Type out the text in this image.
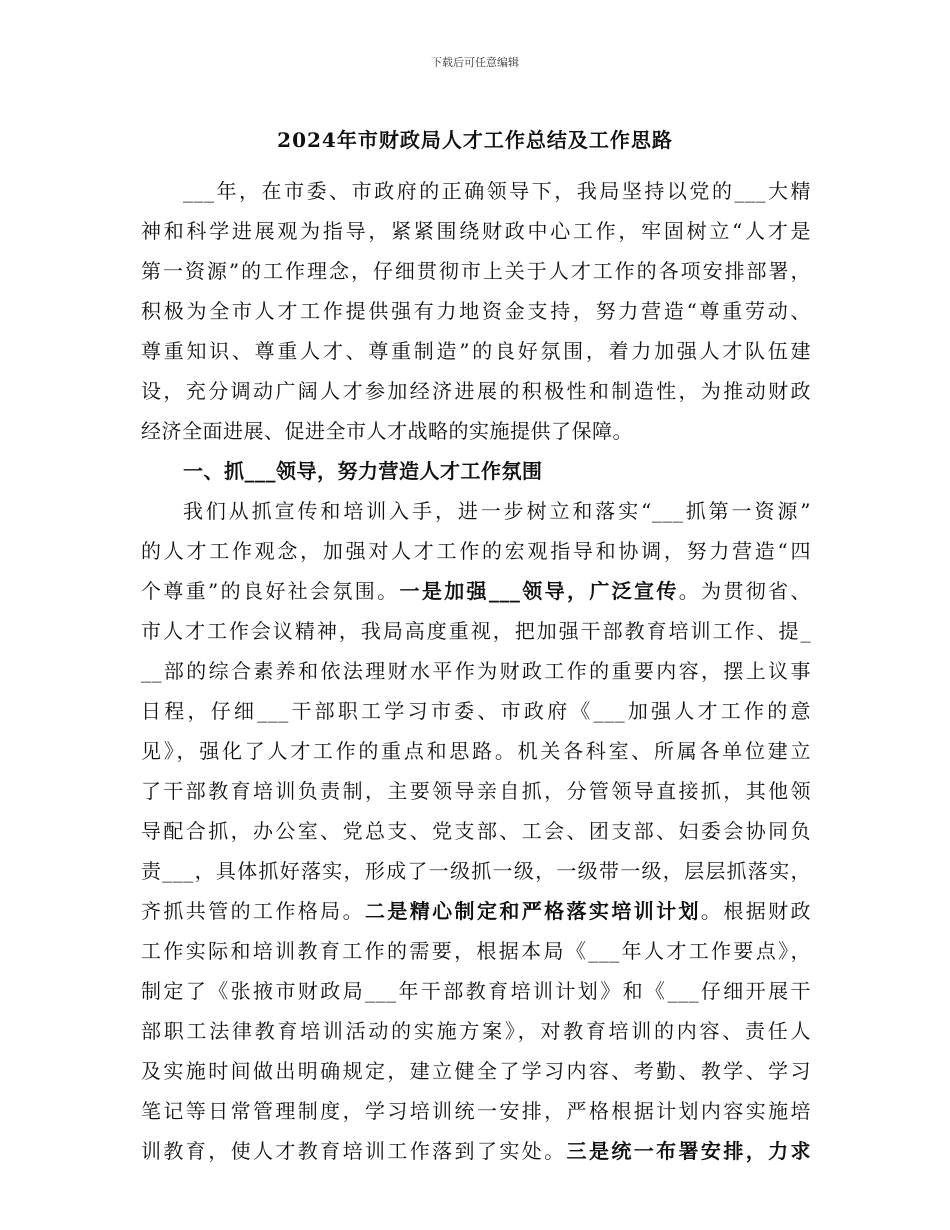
下载后可任意编辑
2024年市财政局人才工作总结及工作思路
___年，在市委、市政府的正确领导下，我局坚持以党的___大精
神和科学进展观为指导，紧紧围绕财政中心工作，牢固树立“人才是
第一资源”的工作理念，仔细贯彻市上关于人才工作的各项安排部署，
积极为全市人才工作提供强有力地资金支持，努力营造“尊重劳动、
尊重知识、尊重人才、尊重制造”的良好氛围，着力加强人才队伍建
设，充分调动广阔人才参加经济进展的积极性和制造性，为推动财政
经济全面进展、促进全市人才战略的实施提供了保障。
一、抓___领导，努力营造人才工作氛围
我们从抓宣传和培训入手，进一步树立和落实“___抓第一资源”
的人才工作观念，加强对人才工作的宏观指导和协调，努力营造“四
个尊重”的良好社会氛围。一是加强___领导，广泛宣传。为贯彻省、
市人才工作会议精神，我局高度重视，把加强干部教育培训工作、提_
__部的综合素养和依法理财水平作为财政工作的重要内容，摆上议事
日程，仔细___干部职工学习市委、市政府《___加强人才工作的意
见》，强化了人才工作的重点和思路。机关各科室、所属各单位建立
了干部教育培训负责制，主要领导亲自抓，分管领导直接抓，其他领
导配合抓，办公室、党总支、党支部、工会、团支部、妇委会协同负
责___，具体抓好落实，形成了一级抓一级，一级带一级，层层抓落实，
齐抓共管的工作格局。二是精心制定和严格落实培训计划。根据财政
工作实际和培训教育工作的需要，根据本局《___年人才工作要点》，
制定了《张掖市财政局___年干部教育培训计划》和《___仔细开展干
部职工法律教育培训活动的实施方案》，对教育培训的内容、责任人
及实施时间做出明确规定，建立健全了学习内容、考勤、教学、学习
笔记等日常管理制度，学习培训统一安排，严格根据计划内容实施培
训教育，使人才教育培训工作落到了实处。三是统一布署安排，力求
